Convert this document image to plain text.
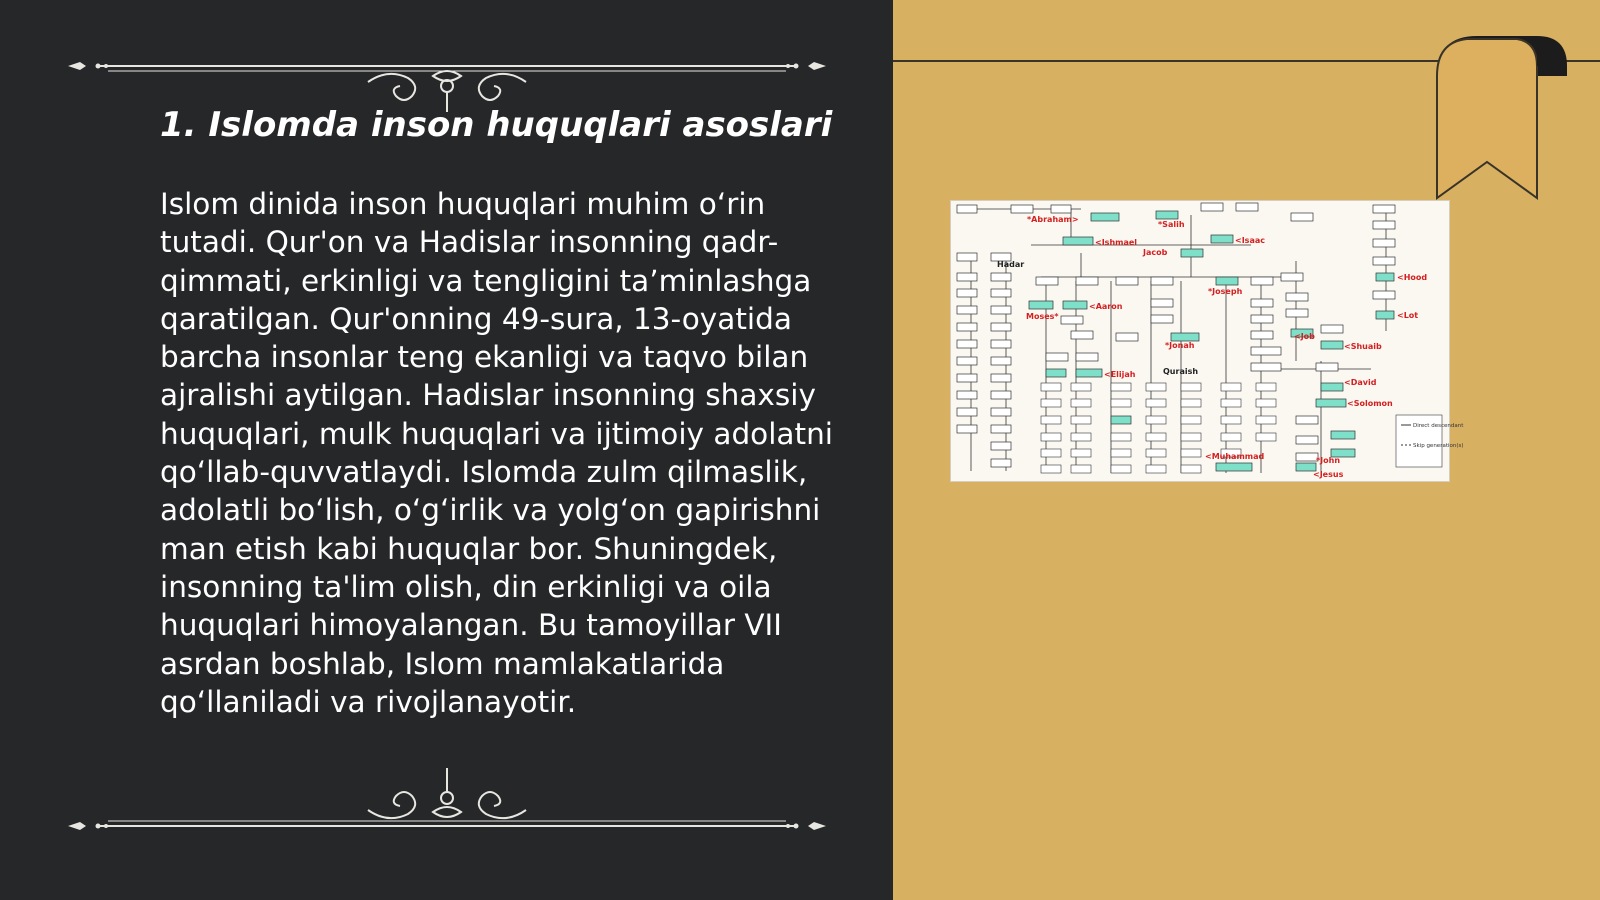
1. Islomda inson huquqlari asoslari
Islom dinida inson huquqlari muhim o‘rin tutadi. Qur'on va Hadislar insonning qadr-qimmati, erkinligi va tengligini ta’minlashga qaratilgan. Qur'onning 49-sura, 13-oyatida barcha insonlar teng ekanligi va taqvo bilan ajralishi aytilgan. Hadislar insonning shaxsiy huquqlari, mulk huquqlari va ijtimoiy adolatni qo‘llab-quvvatlaydi. Islomda zulm qilmaslik, adolatli bo‘lish, o‘g‘irlik va yolg‘on gapirishni man etish kabi huquqlar bor. Shuningdek, insonning ta'lim olish, din erkinligi va oila huquqlari himoyalangan. Bu tamoyillar VII asrdan boshlab, Islom mamlakatlarida qo‘llaniladi va rivojlanayotir.
*Abraham>
*Salih
<Ishmael	<Isaac
Jacob
*Joseph
<Hood
<Aaron
Moses*	<Lot
*Jonah
<Job
<Shuaib
<Elijah
<David
<Solomon
<Muhammad	*John
<Jesus
Hadar
Quraish
Direct descendant
Skip generation(s)
